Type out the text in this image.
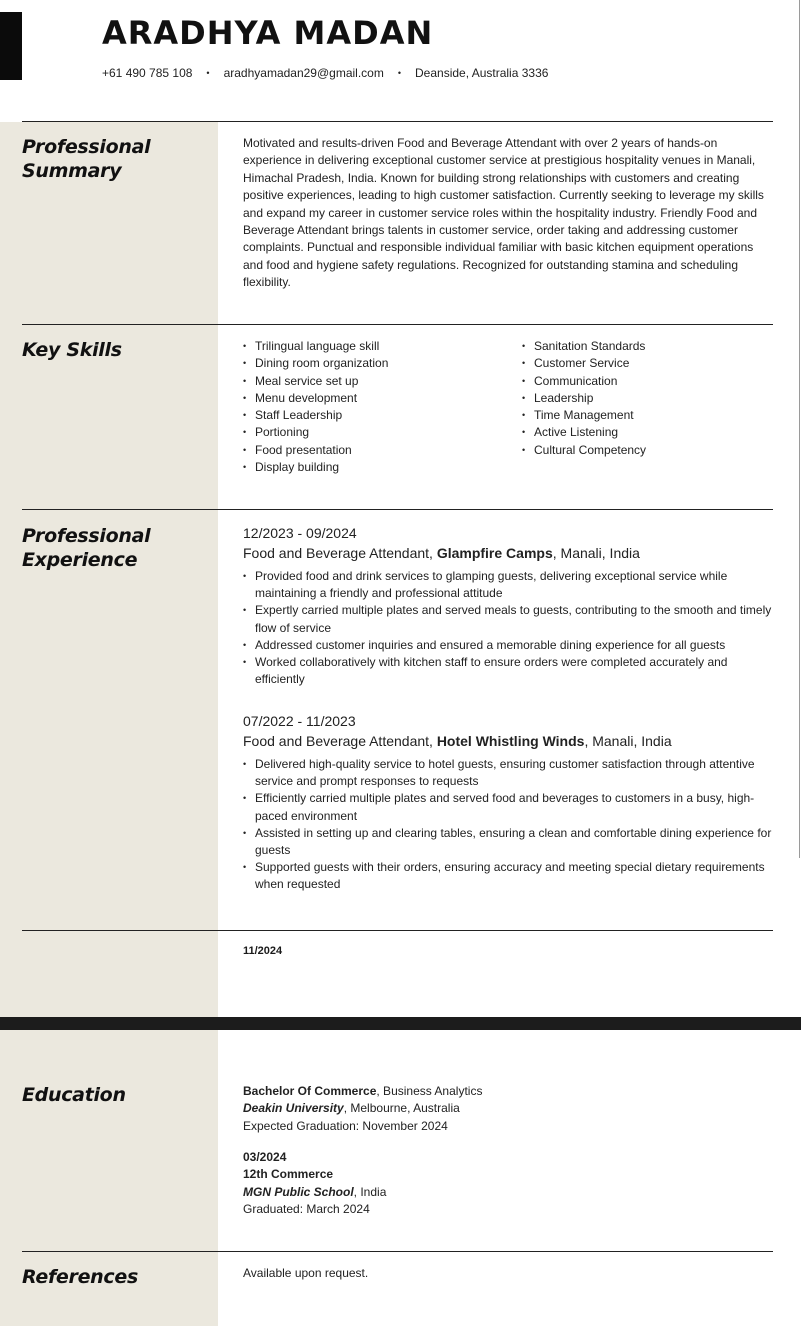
ARADHYA MADAN
+61 490 785 108 • aradhyamadan29@gmail.com • Deanside, Australia 3336
Professional Summary
Motivated and results-driven Food and Beverage Attendant with over 2 years of hands-on experience in delivering exceptional customer service at prestigious hospitality venues in Manali, Himachal Pradesh, India. Known for building strong relationships with customers and creating positive experiences, leading to high customer satisfaction. Currently seeking to leverage my skills and expand my career in customer service roles within the hospitality industry. Friendly Food and Beverage Attendant brings talents in customer service, order taking and addressing customer complaints. Punctual and responsible individual familiar with basic kitchen equipment operations and food and hygiene safety regulations. Recognized for outstanding stamina and scheduling flexibility.
Key Skills
•	Trilingual language skill
• Dining room organization
• Meal service set up
• Menu development
• Staff Leadership
• Portioning
• Food presentation
• Display building
• Sanitation Standards
• Customer Service
• Communication
• Leadership
• Time Management
• Active Listening
• Cultural Competency
Professional Experience
12/2023 - 09/2024
Food and Beverage Attendant, Glampfire Camps, Manali, India
• Provided food and drink services to glamping guests, delivering exceptional service while maintaining a friendly and professional attitude
• Expertly carried multiple plates and served meals to guests, contributing to the smooth and timely flow of service
• Addressed customer inquiries and ensured a memorable dining experience for all guests
• Worked collaboratively with kitchen staff to ensure orders were completed accurately and efficiently
07/2022 - 11/2023
Food and Beverage Attendant, Hotel Whistling Winds, Manali, India
• Delivered high-quality service to hotel guests, ensuring customer satisfaction through attentive service and prompt responses to requests
• Efficiently carried multiple plates and served food and beverages to customers in a busy, high-paced environment
• Assisted in setting up and clearing tables, ensuring a clean and comfortable dining experience for guests
• Supported guests with their orders, ensuring accuracy and meeting special dietary requirements when requested
11/2024
Education	Bachelor Of Commerce, Business Analytics
Deakin University, Melbourne, Australia
Expected Graduation: November 2024
03/2024
12th Commerce
MGN Public School, India
Graduated: March 2024
References	Available upon request.
